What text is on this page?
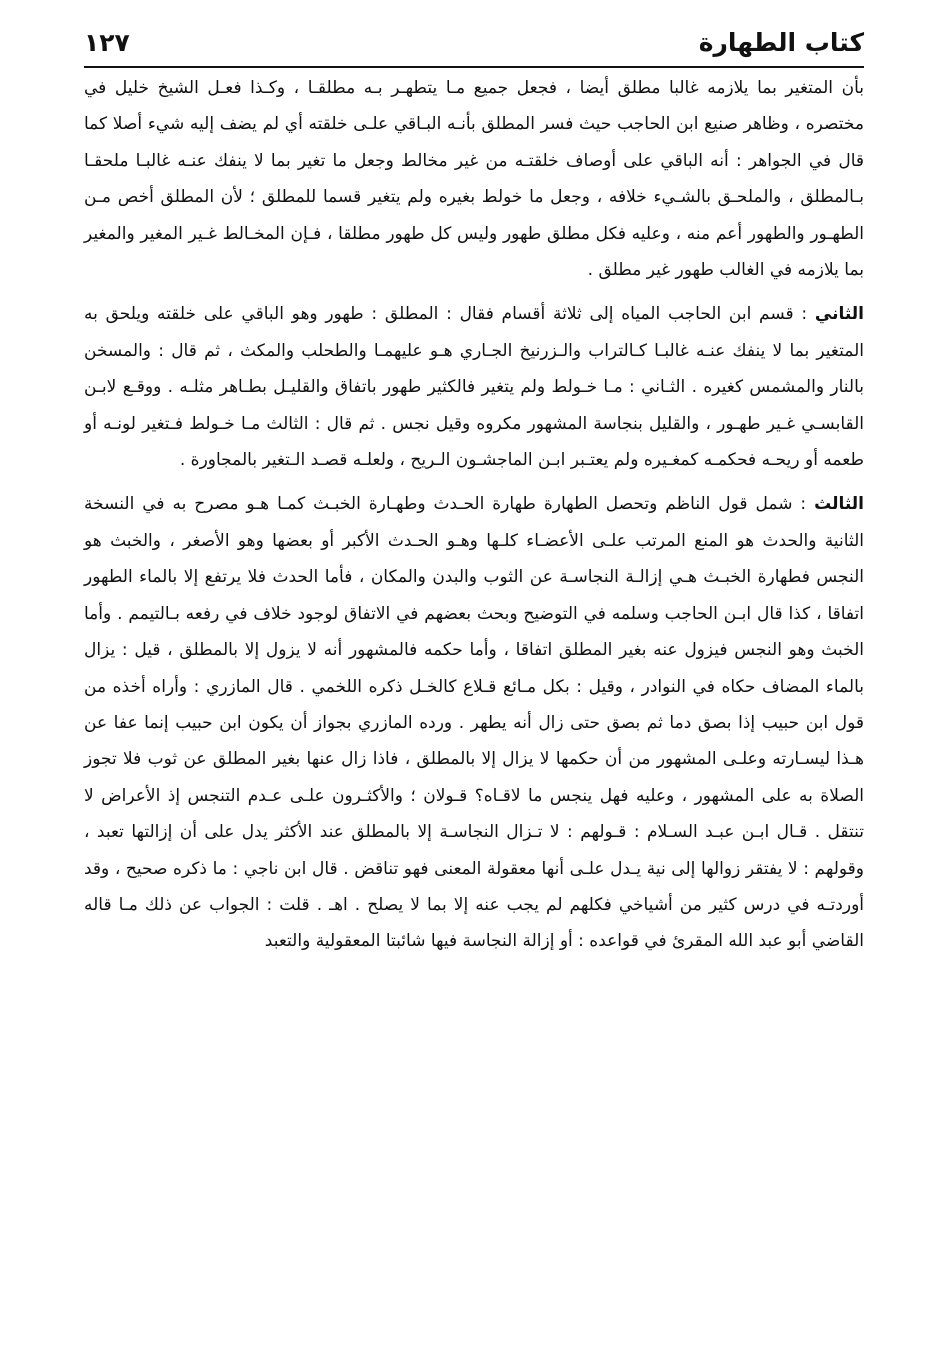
كتاب الطهارة
١٢٧

بأن المتغير بما يلازمه غالبا مطلق أيضا ، فجعل جميع مـا يتطهـر بـه مطلقـا ، وكـذا فعـل الشيخ خليل في مختصره ، وظاهر صنيع ابن الحاجب حيث فسر المطلق بأنـه البـاقي علـى خلقته أي لم يضف إليه شيء أصلا كما قال في الجواهر : أنه الباقي على أوصاف خلقتـه من غير مخالط وجعل ما تغير بما لا ينفك عنـه غالبـا ملحقـا بـالمطلق ، والملحـق بالشـيء خلافه ، وجعل ما خولط بغيره ولم يتغير قسما للمطلق ؛ لأن المطلق أخص مـن الطهـور والطهور أعم منه ، وعليه فكل مطلق طهور وليس كل طهور مطلقا ، فـإن المخـالط غـير المغير والمغير بما يلازمه في الغالب طهور غير مطلق .

الثاني : قسم ابن الحاجب المياه إلى ثلاثة أقسام فقال : المطلق : طهور وهو الباقي على خلقته ويلحق به المتغير بما لا ينفك عنـه غالبـا كـالتراب والـزرنيخ الجـاري هـو عليهمـا والطحلب والمكث ، ثم قال : والمسخن بالنار والمشمس كغيره . الثـاني : مـا خـولط ولم يتغير فالكثير طهور باتفاق والقليـل بطـاهر مثلـه . ووقـع لابـن القابسـي غـير طهـور ، والقليل بنجاسة المشهور مكروه وقيل نجس . ثم قال : الثالث مـا خـولط فـتغير لونـه أو طعمه أو ريحـه فحكمـه كمغـيره ولم يعتـبر ابـن الماجشـون الـريح ، ولعلـه قصـد الـتغير بالمجاورة .

الثالث : شمل قول الناظم وتحصل الطهارة طهارة الحـدث وطهـارة الخبـث كمـا هـو مصرح به في النسخة الثانية والحدث هو المنع المرتب علـى الأعضـاء كلـها وهـو الحـدث الأكبر أو بعضها وهو الأصغر ، والخبث هو النجس فطهارة الخبـث هـي إزالـة النجاسـة عن الثوب والبدن والمكان ، فأما الحدث فلا يرتفع إلا بالماء الطهور اتفاقا ، كذا قال ابـن الحاجب وسلمه في التوضيح وبحث بعضهم في الاتفاق لوجود خلاف في رفعه بـالتيمم . وأما الخبث وهو النجس فيزول عنه بغير المطلق اتفاقا ، وأما حكمه فالمشهور أنه لا يزول إلا بالمطلق ، قيل : يزال بالماء المضاف حكاه في النوادر ، وقيل : بكل مـائع قـلاع كالخـل ذكره اللخمي . قال المازري : وأراه أخذه من قول ابن حبيب إذا بصق دما ثم بصق حتى زال أنه يطهر . ورده المازري بجواز أن يكون ابن حبيب إنما عفا عن هـذا ليسـارته وعلـى المشهور من أن حكمها لا يزال إلا بالمطلق ، فاذا زال عنها بغير المطلق عن ثوب فلا تجوز الصلاة به على المشهور ، وعليه فهل ينجس ما لاقـاه؟ قـولان ؛ والأكثـرون علـى عـدم التنجس إذ الأعراض لا تنتقل . قـال ابـن عبـد السـلام : قـولهم : لا تـزال النجاسـة إلا بالمطلق عند الأكثر يدل على أن إزالتها تعبد ، وقولهم : لا يفتقر زوالها إلى نية يـدل علـى أنها معقولة المعنى فهو تناقض . قال ابن ناجي : ما ذكره صحيح ، وقد أوردتـه في درس كثير من أشياخي فكلهم لم يجب عنه إلا بما لا يصلح . اهـ . قلت : الجواب عن ذلك مـا قاله القاضي أبو عبد الله المقرئ في قواعده : أو إزالة النجاسة فيها شائبتا المعقولية والتعبد
